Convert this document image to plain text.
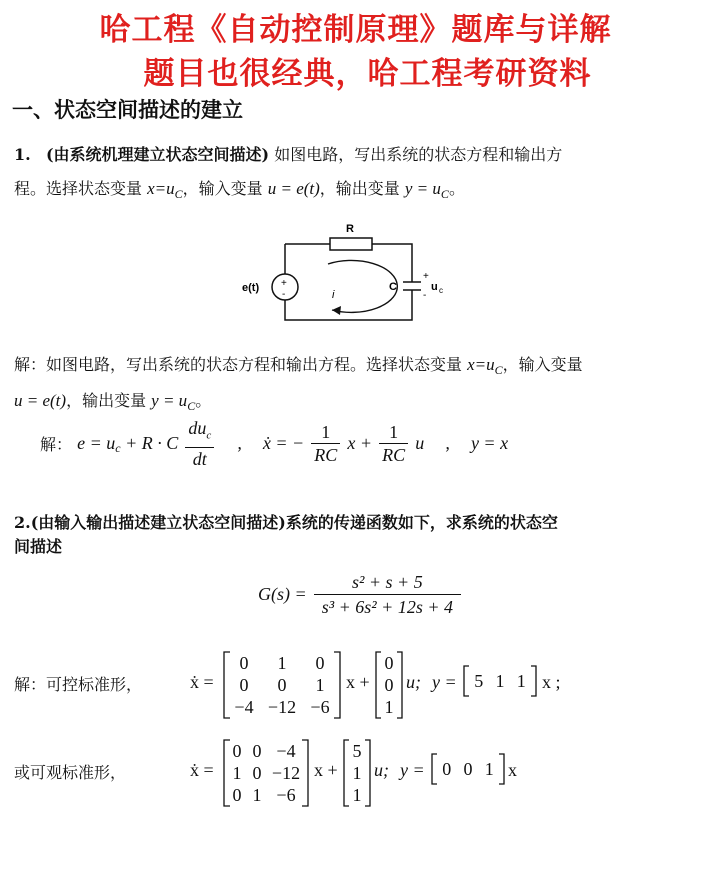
哈工程《自动控制原理》题库与详解
题目也很经典，哈工程考研资料
一、状态空间描述的建立
1. (由系统机理建立状态空间描述) 如图电路，写出系统的状态方程和输出方
程。选择状态变量 $x=u_C$，输入变量 u = e(t)，输出变量 $y = u_C$。
R
+
-
e(t)	C
+
-
u c
i
解：如图电路，写出系统的状态方程和输出方程。选择状态变量 $x=u_C$，输入变量
u = e(t)，输出变量 $y = u_C$。
解： $e = u_c + R \cdot C \frac{du_c}{dt}$ , ẋ = − $\frac{1}{RC}$ $x + \frac{1}{RC}$ u , y = x
2.(由输入输出描述建立状态空间描述)系统的传递函数如下，求系统的状态空
间描述
$G(s) = \frac{\text{s² + s + 5}}{\text{s³ + 6s² + 12s + 4}}$
解：可控标准形，	ẋ =
0	1	0
0	0	1
−4 −12 −6
x +
0
0
1
u; y = 5 1 1 x ;
或可观标准形，	ẋ =
0 0 −4
1 0 −12
0 1 −6
x +
5
1
1
u; y = 0 0 1 x
